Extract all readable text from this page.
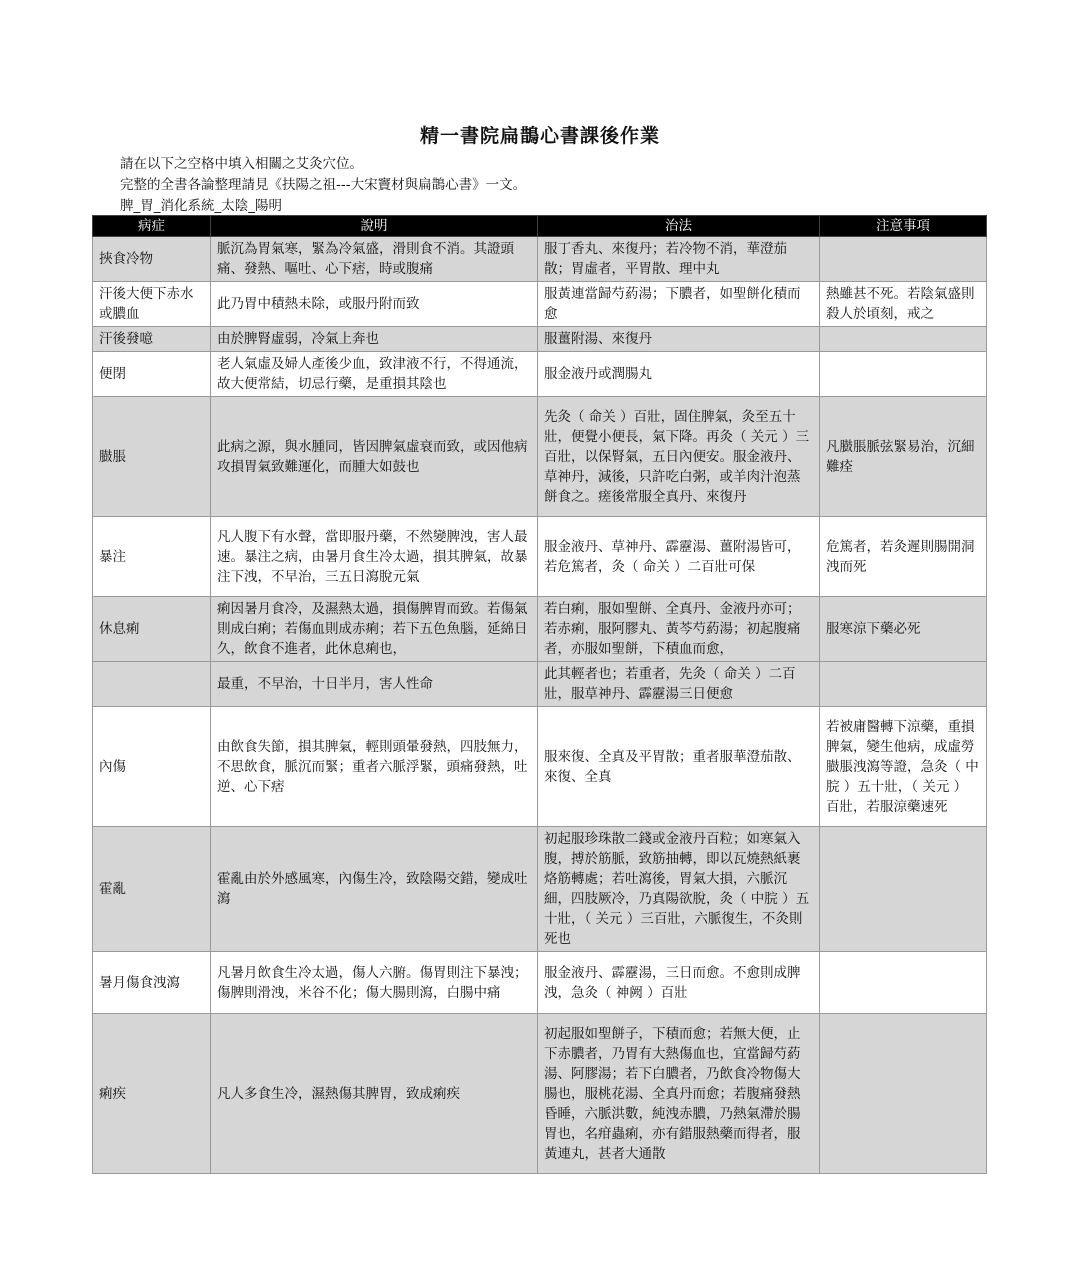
精一書院扁鵲心書課後作業
請在以下之空格中填入相關之艾灸穴位。
完整的全書各論整理請見《扶陽之祖---大宋竇材與扁鵲心書》一文。
脾_胃_消化系統_太陰_陽明
病症	說明	治法	注意事項
挾食冷物	脈沉為胃氣寒，緊為冷氣盛，滑則食不消。其證頭痛、發熱、嘔吐、心下痞，時或腹痛	服丁香丸、來復丹；若冷物不消，華澄茄散；胃虛者，平胃散、理中丸	
汗後大便下赤水或膿血	此乃胃中積熱未除，或服丹附而致	服黃連當歸芍葯湯；下膿者，如聖餅化積而愈	熱雖甚不死。若陰氣盛則殺人於頃刻，戒之
汗後發噫	由於脾腎虛弱，冷氣上奔也	服薑附湯、來復丹	
便閉	老人氣虛及婦人產後少血，致津液不行，不得通流，故大便常結，切忌行藥，是重損其陰也	服金液丹或潤腸丸	
臌脹	此病之源，與水腫同，皆因脾氣虛衰而致，或因他病攻損胃氣致難運化，而腫大如鼓也	先灸（ 命关 ）百壯，固住脾氣，灸至五十壯，便覺小便長，氣下降。再灸（ 关元 ）三百壯，以保腎氣，五日內便安。服金液丹、草神丹，減後，只許吃白粥，或羊肉汁泡蒸餅食之。瘥後常服全真丹、來復丹	凡臌脹脈弦緊易治，沉細難痊
暴注	凡人腹下有水聲，當即服丹藥，不然變脾洩，害人最速。暴注之病，由暑月食生冷太過，損其脾氣，故暴注下洩，不早治，三五日瀉脫元氣	服金液丹、草神丹、霹靂湯、薑附湯皆可，若危篤者，灸（ 命关 ）二百壯可保	危篤者，若灸遲則腸開洞洩而死
休息痢	痢因暑月食冷，及濕熱太過，損傷脾胃而致。若傷氣則成白痢；若傷血則成赤痢；若下五色魚腦，延綿日久，飲食不進者，此休息痢也，	若白痢，服如聖餅、全真丹、金液丹亦可；若赤痢，服阿膠丸、黃芩芍葯湯；初起腹痛者，亦服如聖餅，下積血而愈，	服寒涼下藥必死
	最重，不早治，十日半月，害人性命	此其輕者也；若重者，先灸（ 命关 ）二百壯，服草神丹、霹靂湯三日便愈	
內傷	由飲食失節，損其脾氣，輕則頭暈發熱，四肢無力，不思飲食，脈沉而緊；重者六脈浮緊，頭痛發熱，吐逆、心下痞	服來復、全真及平胃散；重者服華澄茄散、來復、全真	若被庸醫轉下涼藥，重損脾氣，變生他病，成虛勞臌脹洩瀉等證，急灸（ 中脘 ）五十壯，（ 关元 ）百壯，若服涼藥速死
霍亂	霍亂由於外感風寒，內傷生冷，致陰陽交錯，變成吐瀉	初起服珍珠散二錢或金液丹百粒；如寒氣入腹，搏於筋脈，致筋抽轉，即以瓦燒熱紙裹烙筋轉處；若吐瀉後，胃氣大損，六脈沉細，四肢厥冷，乃真陽欲脫，灸（ 中脘 ）五十壯，（ 关元 ）三百壯，六脈復生，不灸則死也	
暑月傷食洩瀉	凡暑月飲食生冷太過，傷人六腑。傷胃則注下暴洩；傷脾則滑洩，米谷不化；傷大腸則瀉，白腸中痛	服金液丹、霹靂湯，三日而愈。不愈則成脾洩，急灸（ 神阙 ）百壯	
痢疾	凡人多食生冷，濕熱傷其脾胃，致成痢疾	初起服如聖餅子，下積而愈；若無大便，止下赤膿者，乃胃有大熱傷血也，宜當歸芍葯湯、阿膠湯；若下白膿者，乃飲食冷物傷大腸也，服桃花湯、全真丹而愈；若腹痛發熱昏睡，六脈洪數，純洩赤膿，乃熱氣滯於腸胃也，名疳蟲痢，亦有錯服熱藥而得者，服黃連丸，甚者大通散	
